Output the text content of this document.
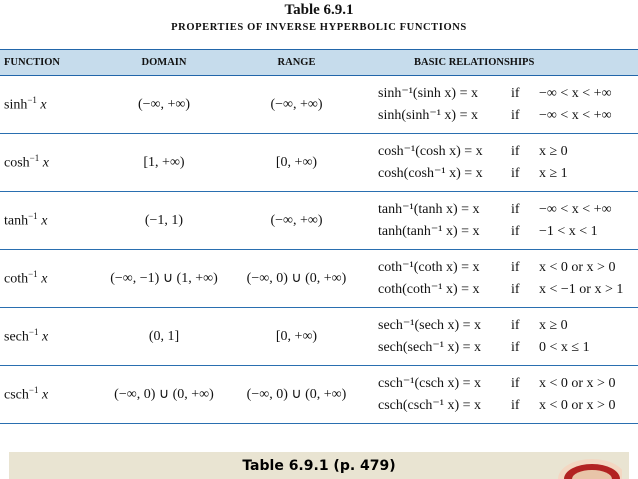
Table 6.9.1
PROPERTIES OF INVERSE HYPERBOLIC FUNCTIONS
FUNCTION	DOMAIN	RANGE	BASIC RELATIONSHIPS
$\sinh^{-1} x$	(−∞, +∞)	(−∞, +∞)
sinh⁻¹(sinh x) = x	if	−∞ < x < +∞
sinh(sinh⁻¹ x) = x	if	−∞ < x < +∞
$\cosh^{-1} x$	[1, +∞)	[0, +∞)
cosh⁻¹(cosh x) = x	if	x ≥ 0
cosh(cosh⁻¹ x) = x	if	x ≥ 1
$\tanh^{-1} x$	(−1, 1)	(−∞, +∞)
tanh⁻¹(tanh x) = x	if	−∞ < x < +∞
tanh(tanh⁻¹ x) = x	if	−1 < x < 1
coth$^{-1}$ x	(−∞, −1) ∪ (1, +∞)	(−∞, 0) ∪ (0, +∞)
coth⁻¹(coth x) = x	if	x < 0 or x > 0
coth(coth⁻¹ x) = x	if	x < −1 or x > 1
sech$^{-1}$ x	(0, 1]	[0, +∞)
sech⁻¹(sech x) = x	if	x ≥ 0
sech(sech⁻¹ x) = x	if	0 < x ≤ 1
csch$^{-1}$ x	(−∞, 0) ∪ (0, +∞)	(−∞, 0) ∪ (0, +∞)
csch⁻¹(csch x) = x	if	x < 0 or x > 0
csch(csch⁻¹ x) = x	if	x < 0 or x > 0
Table 6.9.1 (p. 479)
